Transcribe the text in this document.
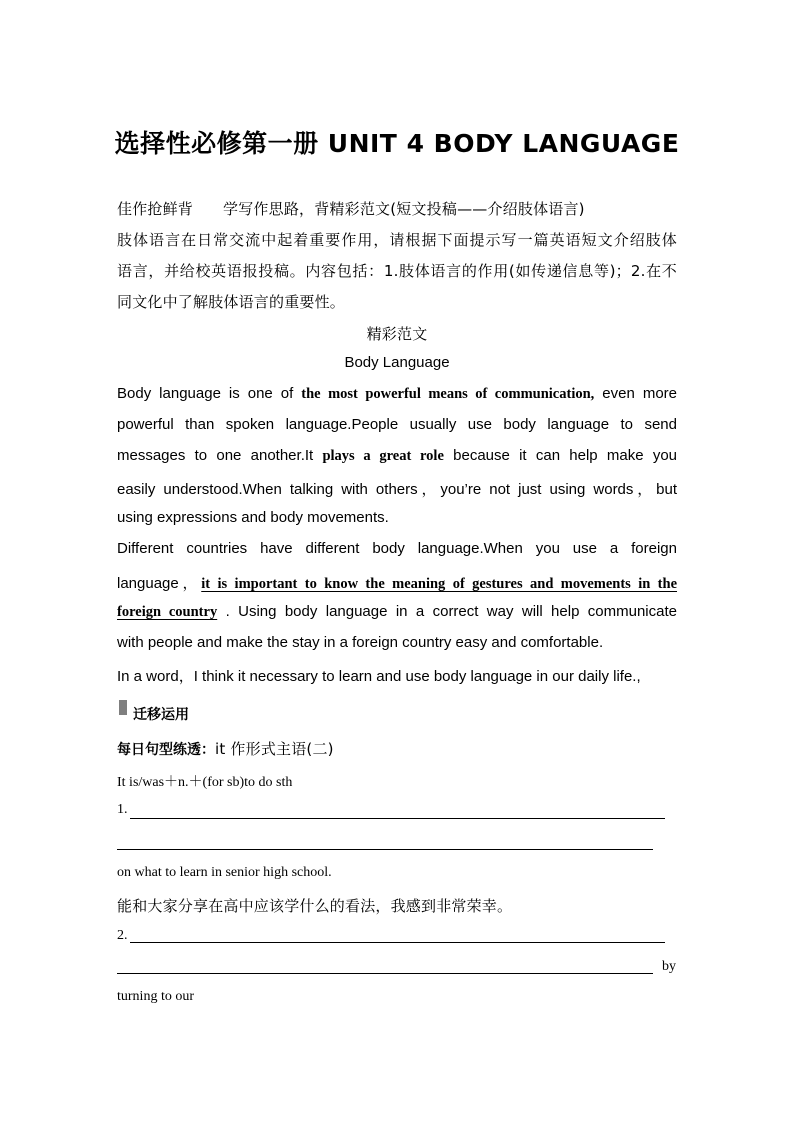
选择性必修第一册 UNIT 4 BODY LANGUAGE
佳作抢鲜背 学写作思路，背精彩范文(短文投稿——介绍肢体语言)
肢体语言在日常交流中起着重要作用，请根据下面提示写一篇英语短文介绍肢体
语言，并给校英语报投稿。内容包括：1.肢体语言的作用(如传递信息等)；2.在不
同文化中了解肢体语言的重要性。
精彩范文
Body Language
Body language is one of the most powerful means of communication, even more
powerful than spoken language.People usually use body language to send
messages to one another.It plays a great role because it can help make you
easily understood.When talking with others，you’re not just using words，but
using expressions and body movements.
Different countries have different body language.When you use a foreign
language，it is important to know the meaning of gestures and movements in the
foreign country . Using body language in a correct way will help communicate
with people and make the stay in a foreign country easy and comfortable.
In a word，I think it necessary to learn and use body language in our daily life.,
迁移运用
每日句型练透：it 作形式主语(二)
It is/was＋n.＋(for sb)to do sth
1.
on what to learn in senior high school.
能和大家分享在高中应该学什么的看法，我感到非常荣幸。
2.
by
turning to our
